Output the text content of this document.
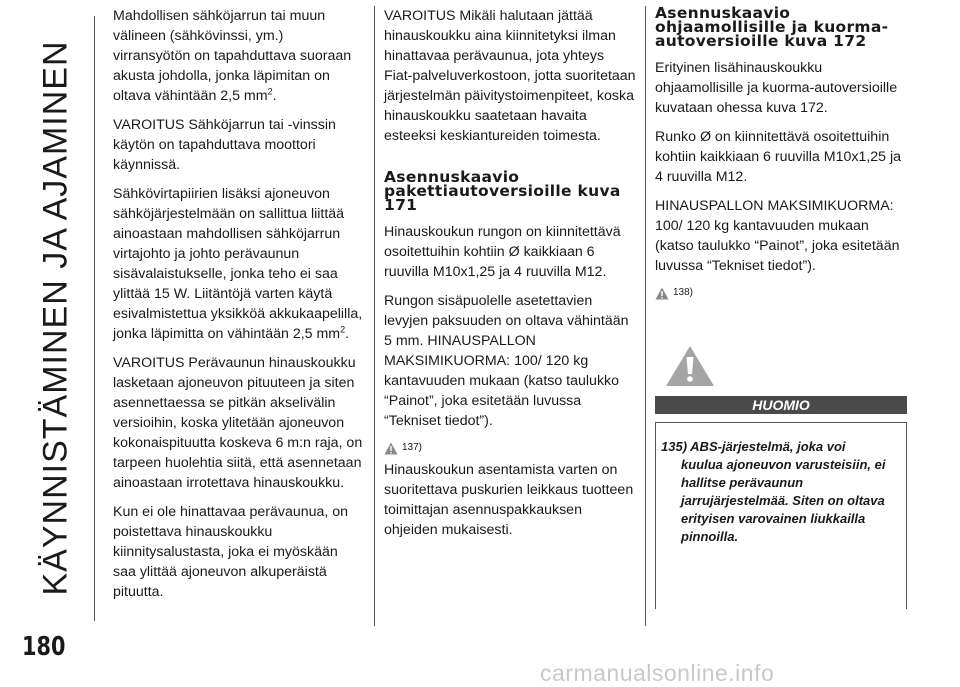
KÄYNNISTÄMINEN JA AJAMINEN
180

Mahdollisen sähköjarrun tai muun välineen (sähkövinssi, ym.) virransyötön on tapahduttava suoraan akusta johdolla, jonka läpimitan on oltava vähintään 2,5 $mm^2$.

VAROITUS Sähköjarrun tai -vinssin käytön on tapahduttava moottori käynnissä.

Sähkövirtapiirien lisäksi ajoneuvon sähköjärjestelmään on sallittua liittää ainoastaan mahdollisen sähköjarrun virtajohto ja johto perävaunun sisävalaistukselle, jonka teho ei saa ylittää 15 W. Liitäntöjä varten käytä esivalmistettua yksikköä akkukaapelilla, jonka läpimitta on vähintään 2,5 $mm^2$.

VAROITUS Perävaunun hinauskoukku lasketaan ajoneuvon pituuteen ja siten asennettaessa se pitkän akselivälin versioihin, koska ylitetään ajoneuvon kokonaispituutta koskeva 6 m:n raja, on tarpeen huolehtia siitä, että asennetaan ainoastaan irrotettava hinauskoukku.

Kun ei ole hinattavaa perävaunua, on poistettava hinauskoukku kiinnitysalustasta, joka ei myöskään saa ylittää ajoneuvon alkuperäistä pituutta.

VAROITUS Mikäli halutaan jättää hinauskoukku aina kiinnitetyksi ilman hinattavaa perävaunua, jota yhteys Fiat-palveluverkostoon, jotta suoritetaan järjestelmän päivitystoimenpiteet, koska hinauskoukku saatetaan havaita esteeksi keskiantureiden toimesta.

Asennuskaavio pakettiautoversioille kuva 171

Hinauskoukun rungon on kiinnitettävä osoitettuihin kohtiin Ø kaikkiaan 6 ruuvilla M10x1,25 ja 4 ruuvilla M12.

Rungon sisäpuolelle asetettavien levyjen paksuuden on oltava vähintään 5 mm. HINAUSPALLON MAKSIMIKUORMA: 100/ 120 kg kantavuuden mukaan (katso taulukko “Painot”, joka esitetään luvussa “Tekniset tiedot”).

137)

Hinauskoukun asentamista varten on suoritettava puskurien leikkaus tuotteen toimittajan asennuspakkauksen ohjeiden mukaisesti.

Asennuskaavio ohjaamollisille ja kuorma-autoversioille kuva 172

Erityinen lisähinauskoukku ohjaamollisille ja kuorma-autoversioille kuvataan ohessa kuva 172.

Runko Ø on kiinnitettävä osoitettuihin kohtiin kaikkiaan 6 ruuvilla M10x1,25 ja 4 ruuvilla M12.

HINAUSPALLON MAKSIMIKUORMA: 100/ 120 kg kantavuuden mukaan (katso taulukko “Painot”, joka esitetään luvussa “Tekniset tiedot”).

138)
HUOMIO
135) ABS-järjestelmä, joka voi
kuulua ajoneuvon varusteisiin, ei hallitse perävaunun jarrujärjestelmää. Siten on oltava erityisen varovainen liukkailla pinnoilla.
carmanualsonline.info
